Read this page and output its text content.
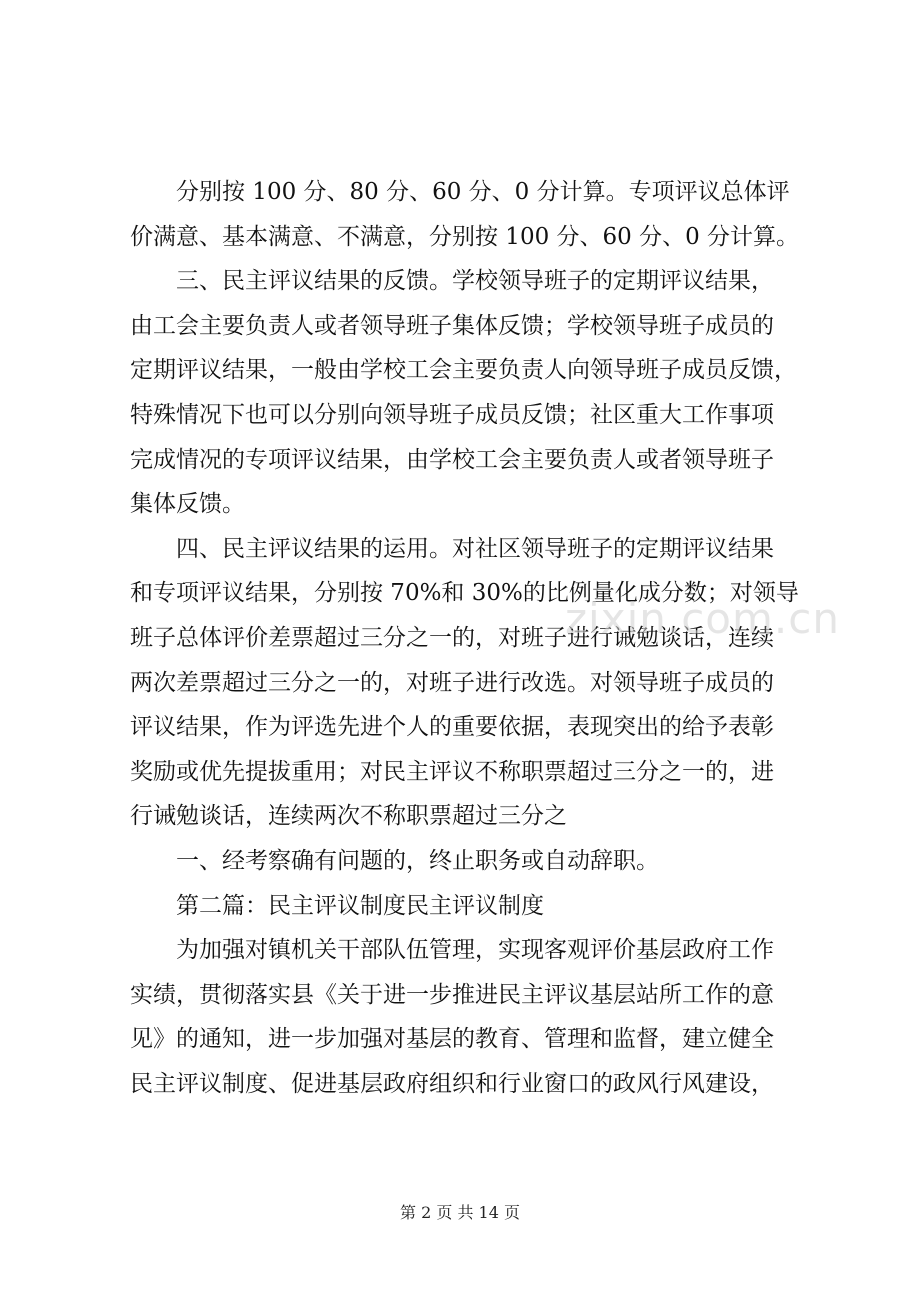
　　分别按 100 分、80 分、60 分、0 分计算。专项评议总体评
价满意、基本满意、不满意，分别按 100 分、60 分、0 分计算。
　　三、民主评议结果的反馈。学校领导班子的定期评议结果，
由工会主要负责人或者领导班子集体反馈；学校领导班子成员的
定期评议结果，一般由学校工会主要负责人向领导班子成员反馈，
特殊情况下也可以分别向领导班子成员反馈；社区重大工作事项
完成情况的专项评议结果，由学校工会主要负责人或者领导班子
集体反馈。
　　四、民主评议结果的运用。对社区领导班子的定期评议结果
和专项评议结果，分别按 70%和 30%的比例量化成分数；对领导
班子总体评价差票超过三分之一的，对班子进行诫勉谈话，连续
两次差票超过三分之一的，对班子进行改选。对领导班子成员的
评议结果，作为评选先进个人的重要依据，表现突出的给予表彰
奖励或优先提拔重用；对民主评议不称职票超过三分之一的，进
行诫勉谈话，连续两次不称职票超过三分之
　　一、经考察确有问题的，终止职务或自动辞职。
　　第二篇：民主评议制度民主评议制度
　　为加强对镇机关干部队伍管理，实现客观评价基层政府工作
实绩，贯彻落实县《关于进一步推进民主评议基层站所工作的意
见》的通知，进一步加强对基层的教育、管理和监督，建立健全
民主评议制度、促进基层政府组织和行业窗口的政风行风建设，
zixin.com.cn
第 2 页 共 14 页
